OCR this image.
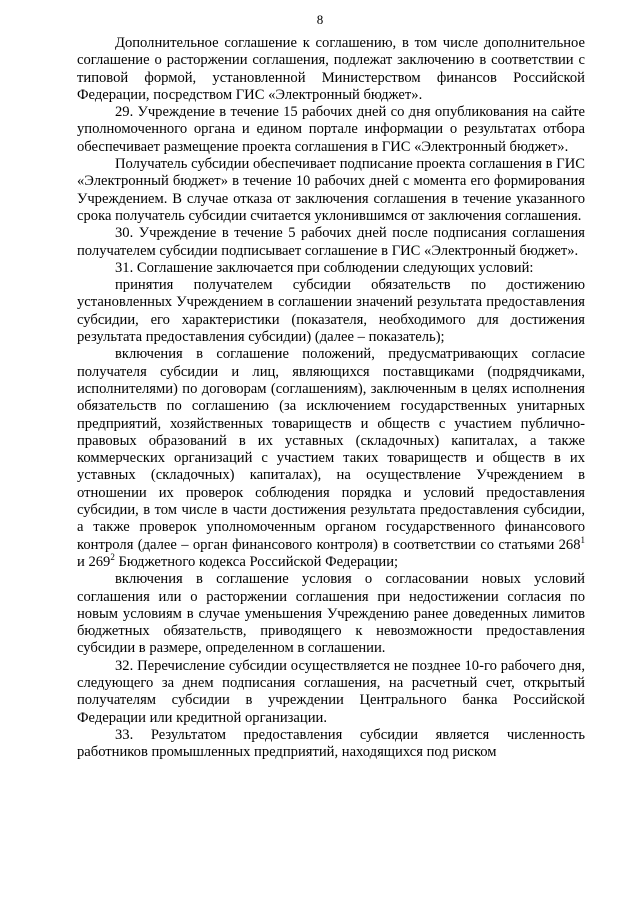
8

Дополнительное соглашение к соглашению, в том числе дополнительное соглашение о расторжении соглашения, подлежат заключению в соответствии с типовой формой, установленной Министерством финансов Российской Федерации, посредством ГИС «Электронный бюджет».

29. Учреждение в течение 15 рабочих дней со дня опубликования на сайте уполномоченного органа и едином портале информации о результатах отбора обеспечивает размещение проекта соглашения в ГИС «Электронный бюджет».

Получатель субсидии обеспечивает подписание проекта соглашения в ГИС «Электронный бюджет» в течение 10 рабочих дней с момента его формирования Учреждением. В случае отказа от заключения соглашения в течение указанного срока получатель субсидии считается уклонившимся от заключения соглашения.

30. Учреждение в течение 5 рабочих дней после подписания соглашения получателем субсидии подписывает соглашение в ГИС «Электронный бюджет».

31. Соглашение заключается при соблюдении следующих условий:

принятия получателем субсидии обязательств по достижению установленных Учреждением в соглашении значений результата предоставления субсидии, его характеристики (показателя, необходимого для достижения результата предоставления субсидии) (далее – показатель);

включения в соглашение положений, предусматривающих согласие получателя субсидии и лиц, являющихся поставщиками (подрядчиками, исполнителями) по договорам (соглашениям), заключенным в целях исполнения обязательств по соглашению (за исключением государственных унитарных предприятий, хозяйственных товариществ и обществ с участием публично-правовых образований в их уставных (складочных) капиталах, а также коммерческих организаций с участием таких товариществ и обществ в их уставных (складочных) капиталах), на осуществление Учреждением в отношении их проверок соблюдения порядка и условий предоставления субсидии, в том числе в части достижения результата предоставления субсидии, а также проверок уполномоченным органом государственного финансового контроля (далее – орган финансового контроля) в соответствии со статьями $268^1$ и $269^2$ Бюджетного кодекса Российской Федерации;

включения в соглашение условия о согласовании новых условий соглашения или о расторжении соглашения при недостижении согласия по новым условиям в случае уменьшения Учреждению ранее доведенных лимитов бюджетных обязательств, приводящего к невозможности предоставления субсидии в размере, определенном в соглашении.

32. Перечисление субсидии осуществляется не позднее 10-го рабочего дня, следующего за днем подписания соглашения, на расчетный счет, открытый получателям субсидии в учреждении Центрального банка Российской Федерации или кредитной организации.

33. Результатом предоставления субсидии является численность работников промышленных предприятий, находящихся под риском
